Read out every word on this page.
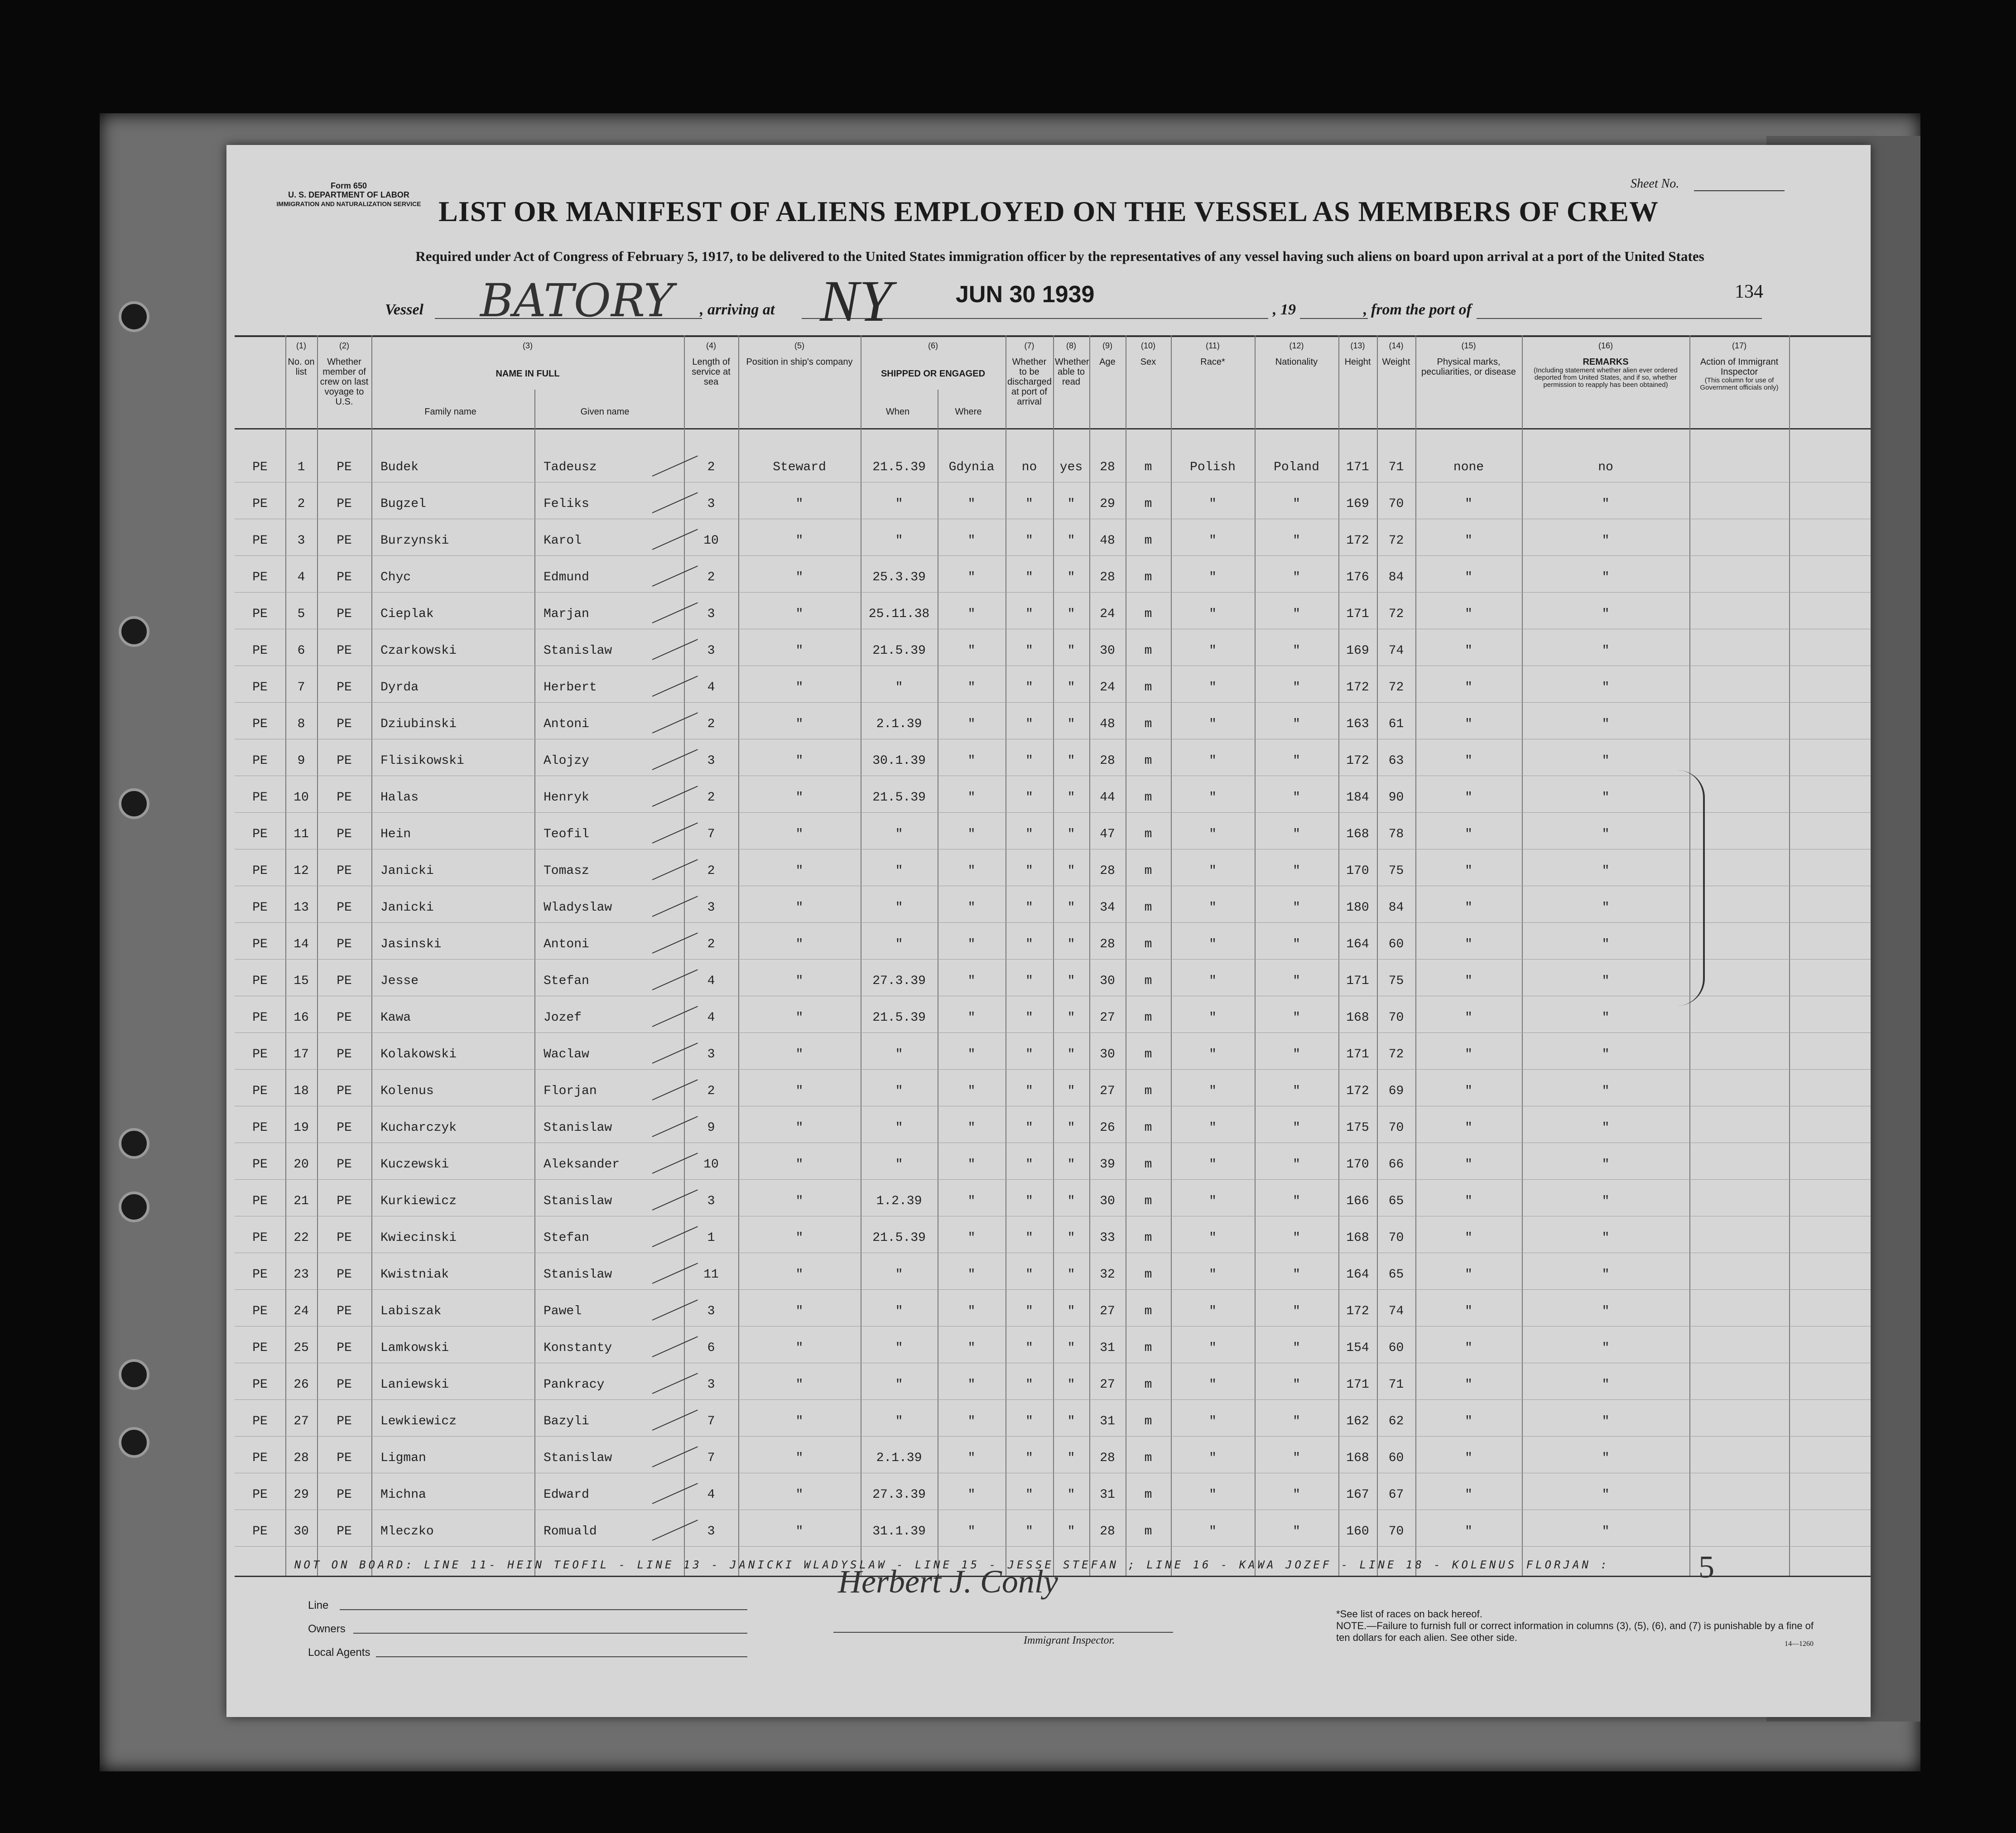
Form 650
U. S. DEPARTMENT OF LABOR
IMMIGRATION AND NATURALIZATION SERVICE
Sheet No.
LIST OR MANIFEST OF ALIENS EMPLOYED ON THE VESSEL AS MEMBERS OF CREW
Required under Act of Congress of February 5, 1917, to be delivered to the United States immigration officer by the representatives of any vessel having such aliens on board upon arrival at a port of the United States
Vessel BATORY , arriving at NY	JUN 30 1939
, 19	, from the port of
134
(1)
No. on list
(2)
Whether member of crew on last voyage to U.S.
(3)
NAME IN FULL
Family name	Given name
(4)
Length of service at sea
(5)
Position in ship's company
(6)
SHIPPED OR ENGAGED
When	Where
(7)
Whether to be discharged at port of arrival
(8)
Whether able to read
(9)
Age
(10)
Sex
(11)
Race*
(12)
Nationality
(13)
Height
(14)
Weight
(15)
Physical marks, peculiarities, or disease
(16)
REMARKS
(Including statement whether alien ever ordered deported from United States, and if so, whether permission to reapply has been obtained)
(17)
Action of Immigrant Inspector
(This column for use of Government officials only)
PE	1	PE	Budek	Tadeusz	2	Steward	21.5.39	Gdynia	no	yes	28	m	Polish	Poland	171	71	none	no
PE	2	PE	Bugzel	Feliks	3	"	"	"	"	"	29	m	"	"	169	70	"	"
PE	3	PE	Burzynski	Karol	10	"	"	"	"	"	48	m	"	"	172	72	"	"
PE	4	PE	Chyc	Edmund	2	"	25.3.39	"	"	"	28	m	"	"	176	84	"	"
PE	5	PE	Cieplak	Marjan	3	"	25.11.38	"	"	"	24	m	"	"	171	72	"	"
PE	6	PE	Czarkowski	Stanislaw	3	"	21.5.39	"	"	"	30	m	"	"	169	74	"	"
PE	7	PE	Dyrda	Herbert	4	"	"	"	"	"	24	m	"	"	172	72	"	"
PE	8	PE	Dziubinski	Antoni	2	"	2.1.39	"	"	"	48	m	"	"	163	61	"	"
PE	9	PE	Flisikowski	Alojzy	3	"	30.1.39	"	"	"	28	m	"	"	172	63	"	"
PE	10	PE	Halas	Henryk	2	"	21.5.39	"	"	"	44	m	"	"	184	90	"	"
PE	11	PE	Hein	Teofil	7	"	"	"	"	"	47	m	"	"	168	78	"	"
PE	12	PE	Janicki	Tomasz	2	"	"	"	"	"	28	m	"	"	170	75	"	"
PE	13	PE	Janicki	Wladyslaw	3	"	"	"	"	"	34	m	"	"	180	84	"	"
PE	14	PE	Jasinski	Antoni	2	"	"	"	"	"	28	m	"	"	164	60	"	"
PE	15	PE	Jesse	Stefan	4	"	27.3.39	"	"	"	30	m	"	"	171	75	"	"
PE	16	PE	Kawa	Jozef	4	"	21.5.39	"	"	"	27	m	"	"	168	70	"	"
PE	17	PE	Kolakowski	Waclaw	3	"	"	"	"	"	30	m	"	"	171	72	"	"
PE	18	PE	Kolenus	Florjan	2	"	"	"	"	"	27	m	"	"	172	69	"	"
PE	19	PE	Kucharczyk	Stanislaw	9	"	"	"	"	"	26	m	"	"	175	70	"	"
PE	20	PE	Kuczewski	Aleksander	10	"	"	"	"	"	39	m	"	"	170	66	"	"
PE	21	PE	Kurkiewicz	Stanislaw	3	"	1.2.39	"	"	"	30	m	"	"	166	65	"	"
PE	22	PE	Kwiecinski	Stefan	1	"	21.5.39	"	"	"	33	m	"	"	168	70	"	"
PE	23	PE	Kwistniak	Stanislaw	11	"	"	"	"	"	32	m	"	"	164	65	"	"
PE	24	PE	Labiszak	Pawel	3	"	"	"	"	"	27	m	"	"	172	74	"	"
PE	25	PE	Lamkowski	Konstanty	6	"	"	"	"	"	31	m	"	"	154	60	"	"
PE	26	PE	Laniewski	Pankracy	3	"	"	"	"	"	27	m	"	"	171	71	"	"
PE	27	PE	Lewkiewicz	Bazyli	7	"	"	"	"	"	31	m	"	"	162	62	"	"
PE	28	PE	Ligman	Stanislaw	7	"	2.1.39	"	"	"	28	m	"	"	168	60	"	"
PE	29	PE	Michna	Edward	4	"	27.3.39	"	"	"	31	m	"	"	167	67	"	"
PE	30	PE	Mleczko	Romuald	3	"	31.1.39	"	"	"	28	m	"	"	160	70	"	"
NOT ON BOARD: LINE 11- HEIN TEOFIL - LINE 13 - JANICKI WLADYSLAW - LINE 15 - JESSE STEFAN ; LINE 16 - KAWA JOZEF - LINE 18 - KOLENUS FLORJAN :	5
Line
Owners
Local Agents
Herbert J. Conly
Immigrant Inspector.
*See list of races on back hereof.
NOTE.—Failure to furnish full or correct information in columns (3), (5), (6), and (7) is punishable by a fine of ten dollars for each alien. See other side.
14—1260
